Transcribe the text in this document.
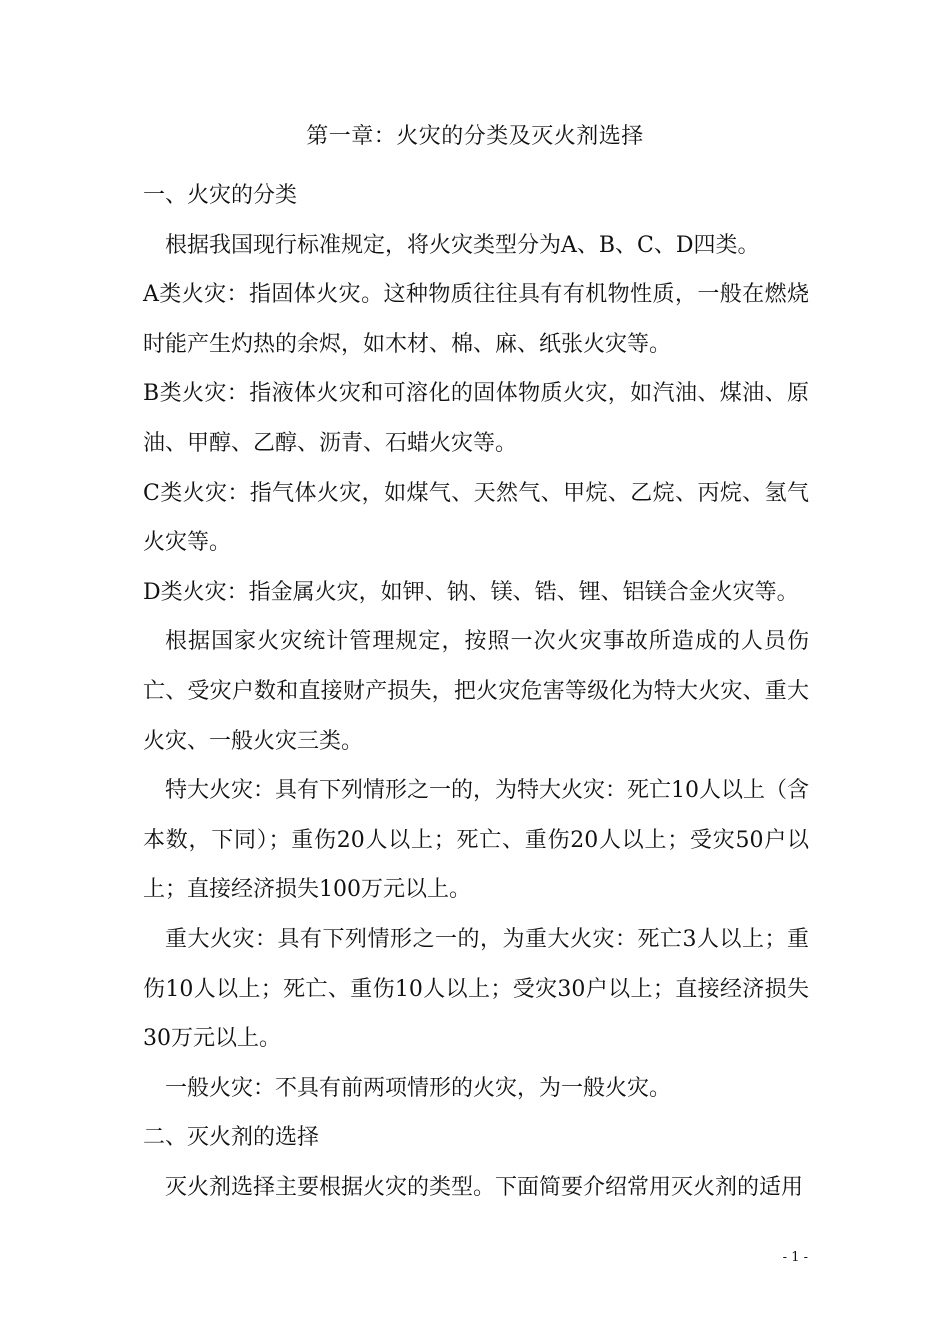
第一章：火灾的分类及灭火剂选择

一、火灾的分类

根据我国现行标准规定，将火灾类型分为A、B、C、D四类。

A类火灾：指固体火灾。这种物质往往具有有机物性质，一般在燃烧时能产生灼热的余烬，如木材、棉、麻、纸张火灾等。

B类火灾：指液体火灾和可溶化的固体物质火灾，如汽油、煤油、原油、甲醇、乙醇、沥青、石蜡火灾等。

C类火灾：指气体火灾，如煤气、天然气、甲烷、乙烷、丙烷、氢气火灾等。

D类火灾：指金属火灾，如钾、钠、镁、锆、锂、铝镁合金火灾等。

根据国家火灾统计管理规定，按照一次火灾事故所造成的人员伤亡、受灾户数和直接财产损失，把火灾危害等级化为特大火灾、重大火灾、一般火灾三类。

特大火灾：具有下列情形之一的，为特大火灾：死亡10人以上（含本数，下同）；重伤20人以上；死亡、重伤20人以上；受灾50户以上；直接经济损失100万元以上。

重大火灾：具有下列情形之一的，为重大火灾：死亡3人以上；重伤10人以上；死亡、重伤10人以上；受灾30户以上；直接经济损失30万元以上。

一般火灾：不具有前两项情形的火灾，为一般火灾。

二、灭火剂的选择

灭火剂选择主要根据火灾的类型。下面简要介绍常用灭火剂的适用

- 1 -
